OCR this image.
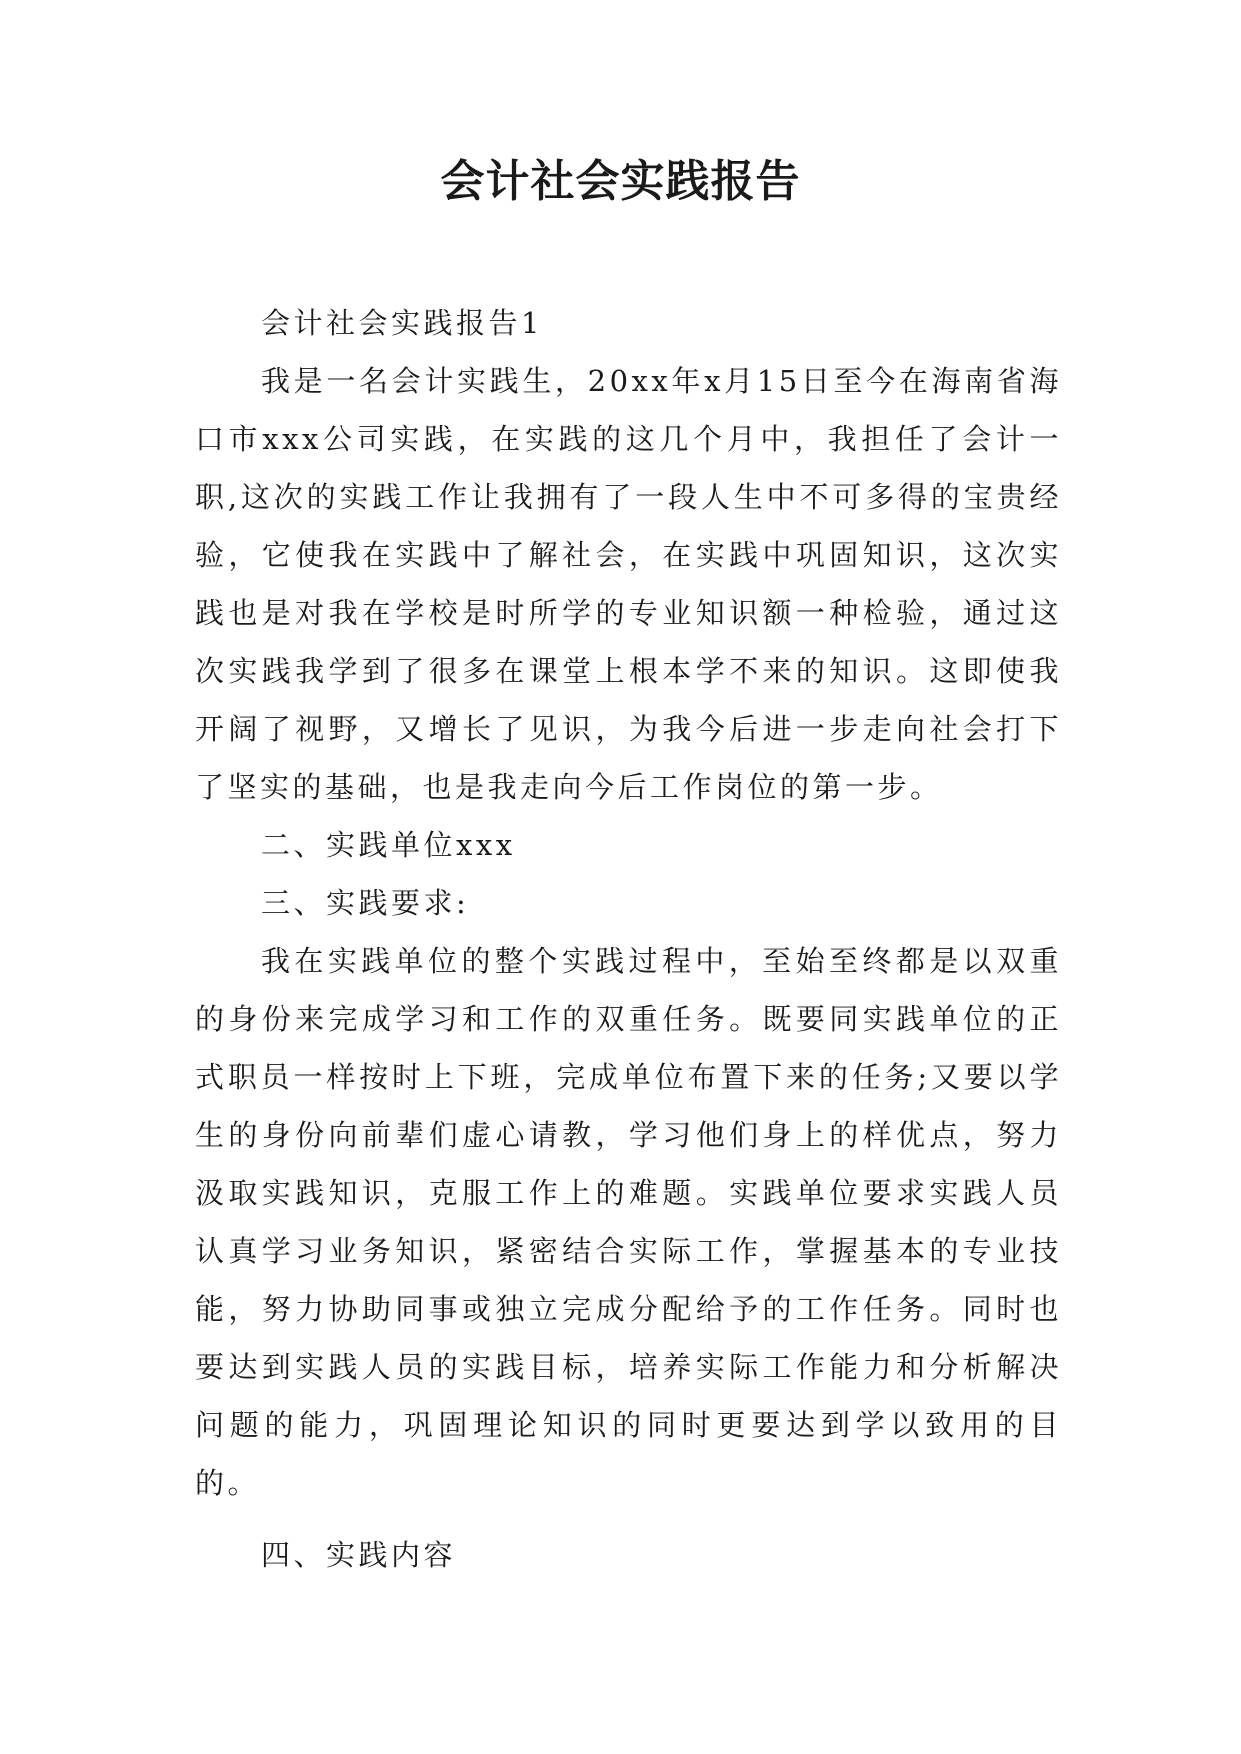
会计社会实践报告

会计社会实践报告1

我是一名会计实践生，20xx年x月15日至今在海南省海口市xxx公司实践，在实践的这几个月中，我担任了会计一职,这次的实践工作让我拥有了一段人生中不可多得的宝贵经验，它使我在实践中了解社会，在实践中巩固知识，这次实践也是对我在学校是时所学的专业知识额一种检验，通过这次实践我学到了很多在课堂上根本学不来的知识。这即使我开阔了视野，又增长了见识，为我今后进一步走向社会打下了坚实的基础，也是我走向今后工作岗位的第一步。

二、实践单位xxx

三、实践要求:

我在实践单位的整个实践过程中，至始至终都是以双重的身份来完成学习和工作的双重任务。既要同实践单位的正式职员一样按时上下班，完成单位布置下来的任务;又要以学生的身份向前辈们虚心请教，学习他们身上的样优点，努力汲取实践知识，克服工作上的难题。实践单位要求实践人员认真学习业务知识，紧密结合实际工作，掌握基本的专业技能，努力协助同事或独立完成分配给予的工作任务。同时也要达到实践人员的实践目标，培养实际工作能力和分析解决问题的能力，巩固理论知识的同时更要达到学以致用的目的。

四、实践内容
